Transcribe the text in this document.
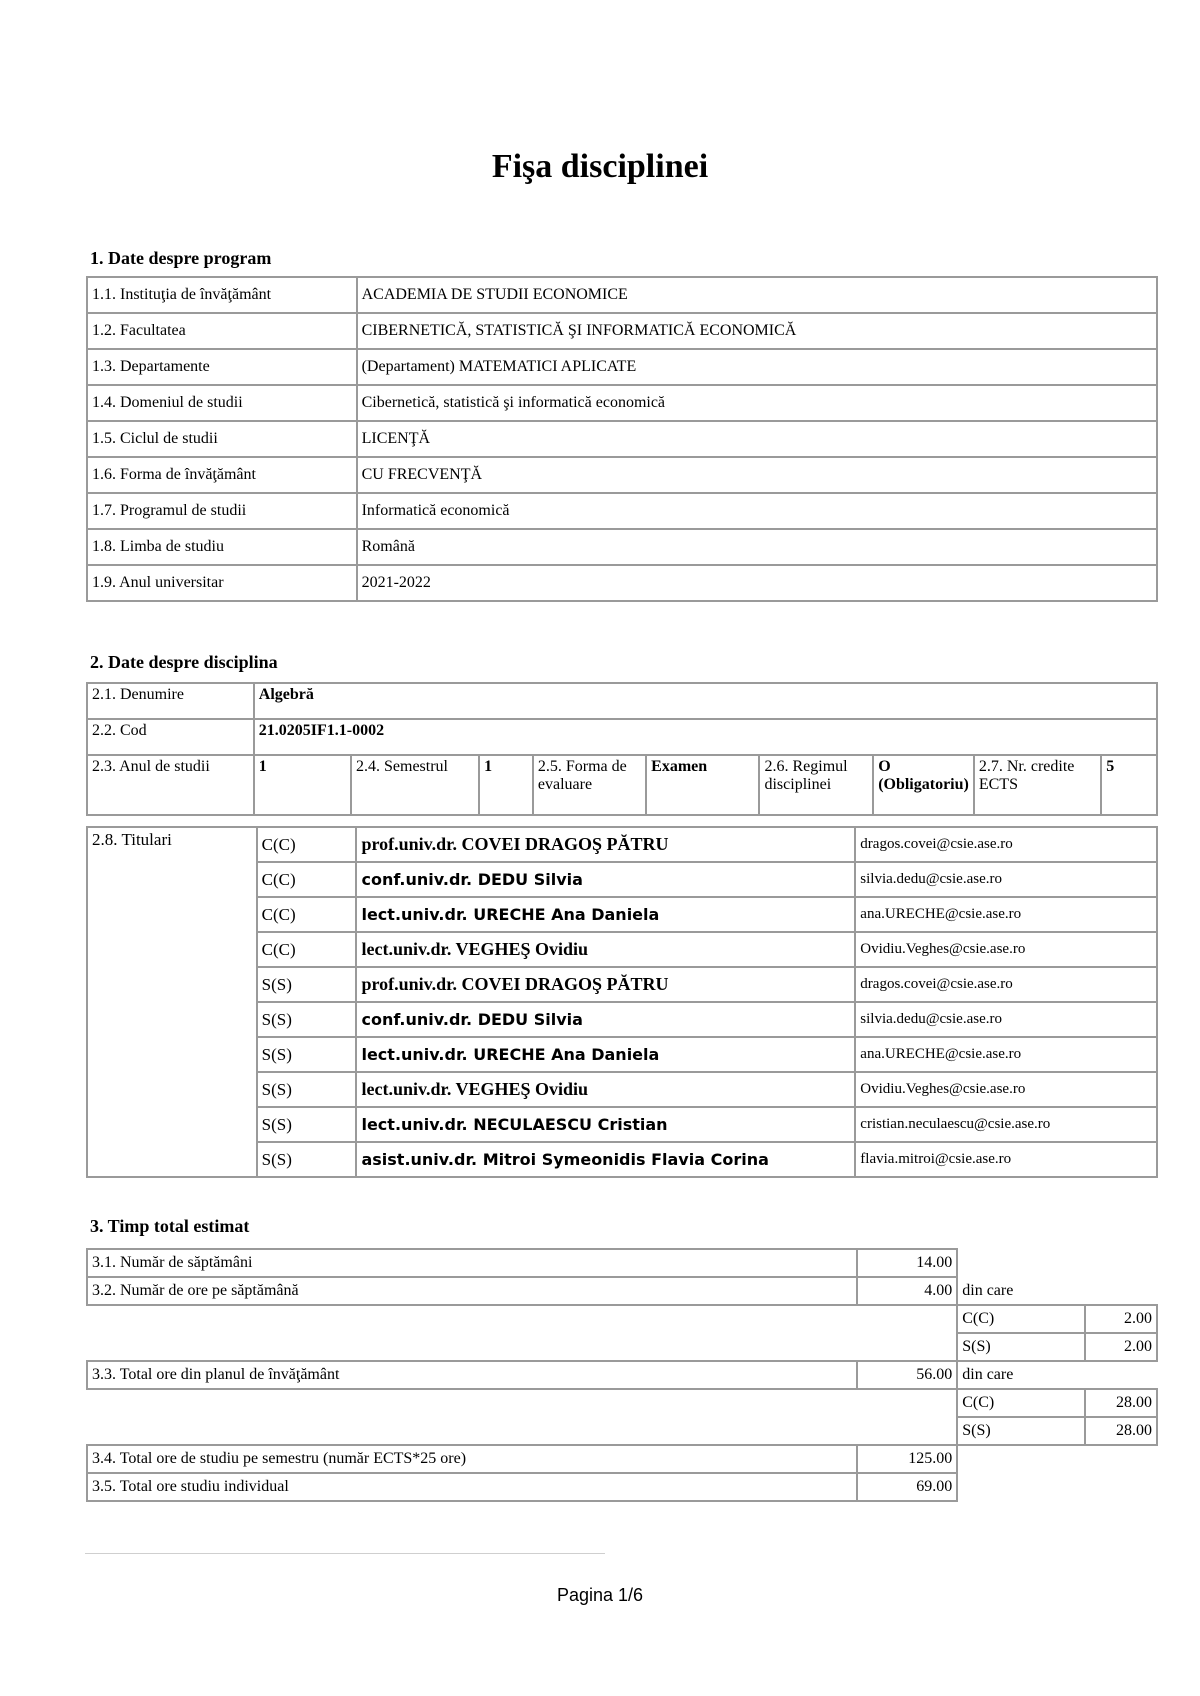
Fişa disciplinei
1. Date despre program
1.1. Instituţia de învăţământ	ACADEMIA DE STUDII ECONOMICE
1.2. Facultatea	CIBERNETICĂ, STATISTICĂ ŞI INFORMATICĂ ECONOMICĂ
1.3. Departamente	(Departament) MATEMATICI APLICATE
1.4. Domeniul de studii	Cibernetică, statistică şi informatică economică
1.5. Ciclul de studii	LICENŢĂ
1.6. Forma de învăţământ	CU FRECVENŢĂ
1.7. Programul de studii	Informatică economică
1.8. Limba de studiu	Română
1.9. Anul universitar	2021-2022
2. Date despre disciplina
2.1. Denumire	Algebră								
2.2. Cod	21.0205IF1.1-0002								
2.3. Anul de studii	1	2.4. Semestrul	1	2.5. Forma de evaluare	Examen	2.6. Regimul disciplinei	O (Obligatoriu)	2.7. Nr. credite ECTS	5
2.8. Titulari	C(C)	prof.univ.dr. COVEI DRAGOŞ PĂTRU	dragos.covei@csie.ase.ro
	C(C)	conf.univ.dr. DEDU Silvia	silvia.dedu@csie.ase.ro
	C(C)	lect.univ.dr. URECHE Ana Daniela	ana.URECHE@csie.ase.ro
	C(C)	lect.univ.dr. VEGHEŞ Ovidiu	Ovidiu.Veghes@csie.ase.ro
	S(S)	prof.univ.dr. COVEI DRAGOŞ PĂTRU	dragos.covei@csie.ase.ro
	S(S)	conf.univ.dr. DEDU Silvia	silvia.dedu@csie.ase.ro
	S(S)	lect.univ.dr. URECHE Ana Daniela	ana.URECHE@csie.ase.ro
	S(S)	lect.univ.dr. VEGHEŞ Ovidiu	Ovidiu.Veghes@csie.ase.ro
	S(S)	lect.univ.dr. NECULAESCU Cristian	cristian.neculaescu@csie.ase.ro
	S(S)	asist.univ.dr. Mitroi Symeonidis Flavia Corina	flavia.mitroi@csie.ase.ro
3. Timp total estimat
3.1. Număr de săptămâni	14.00		
3.2. Număr de ore pe săptămână	4.00	din care	
		C(C)	2.00
		S(S)	2.00
3.3. Total ore din planul de învăţământ	56.00	din care	
		C(C)	28.00
		S(S)	28.00
3.4. Total ore de studiu pe semestru (număr ECTS*25 ore)	125.00		
3.5. Total ore studiu individual	69.00		
Pagina 1/6
